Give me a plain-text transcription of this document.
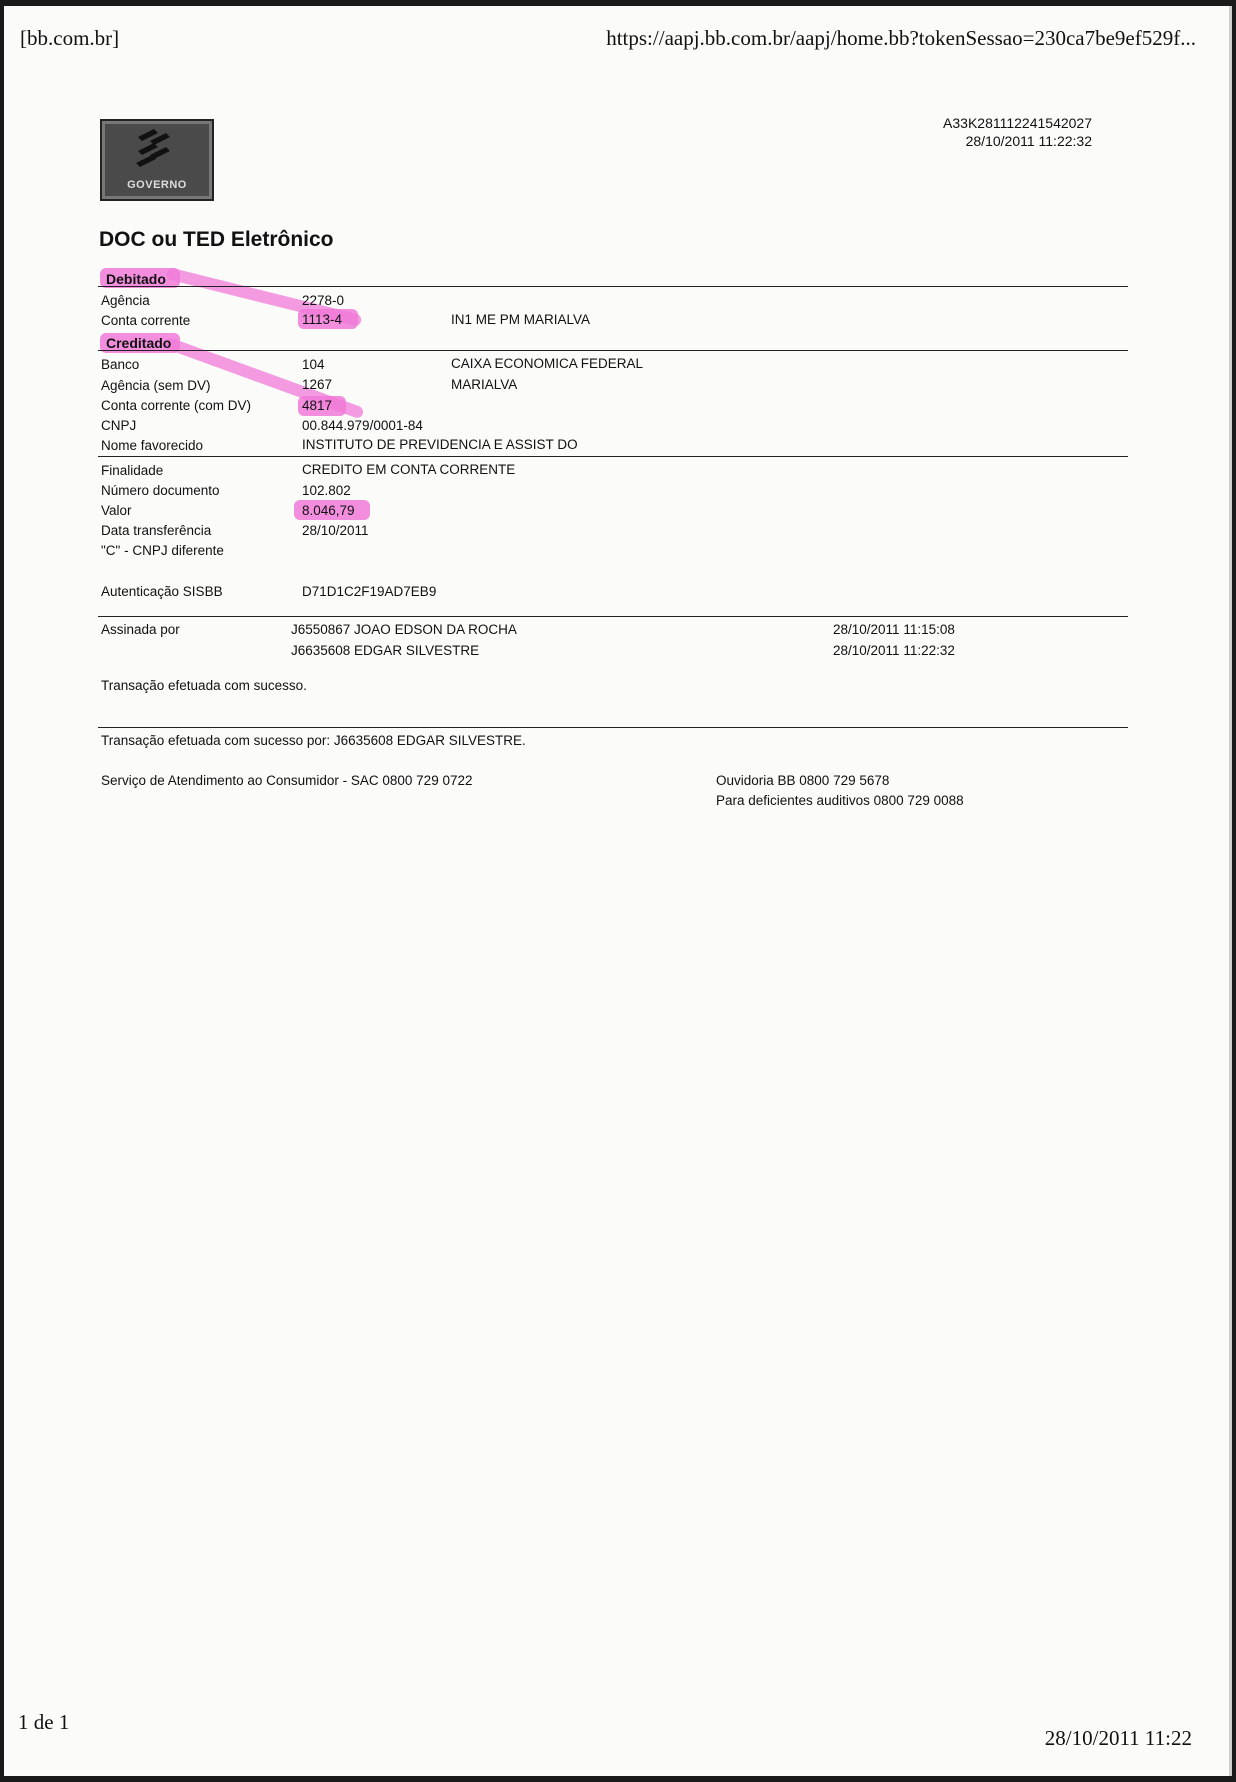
[bb.com.br]	https://aapj.bb.com.br/aapj/home.bb?tokenSessao=230ca7be9ef529f...
1 de 1
28/10/2011 11:22
GOVERNO
A33K281112241542027
28/10/2011 11:22:32
DOC ou TED Eletrônico
Debitado
Agência	2278-0
Conta corrente	1113-4	IN1 ME PM MARIALVA
Creditado
Banco	104	CAIXA ECONOMICA FEDERAL
Agência (sem DV)	1267	MARIALVA
Conta corrente (com DV)	4817
CNPJ	00.844.979/0001-84
Nome favorecido	INSTITUTO DE PREVIDENCIA E ASSIST DO
Finalidade	CREDITO EM CONTA CORRENTE
Número documento	102.802
Valor	8.046,79
Data transferência	28/10/2011
"C" - CNPJ diferente
Autenticação SISBB	D71D1C2F19AD7EB9
Assinada por	J6550867 JOAO EDSON DA ROCHA	28/10/2011 11:15:08
J6635608 EDGAR SILVESTRE	28/10/2011 11:22:32
Transação efetuada com sucesso.
Transação efetuada com sucesso por: J6635608 EDGAR SILVESTRE.
Serviço de Atendimento ao Consumidor - SAC 0800 729 0722	Ouvidoria BB 0800 729 5678
Para deficientes auditivos 0800 729 0088
